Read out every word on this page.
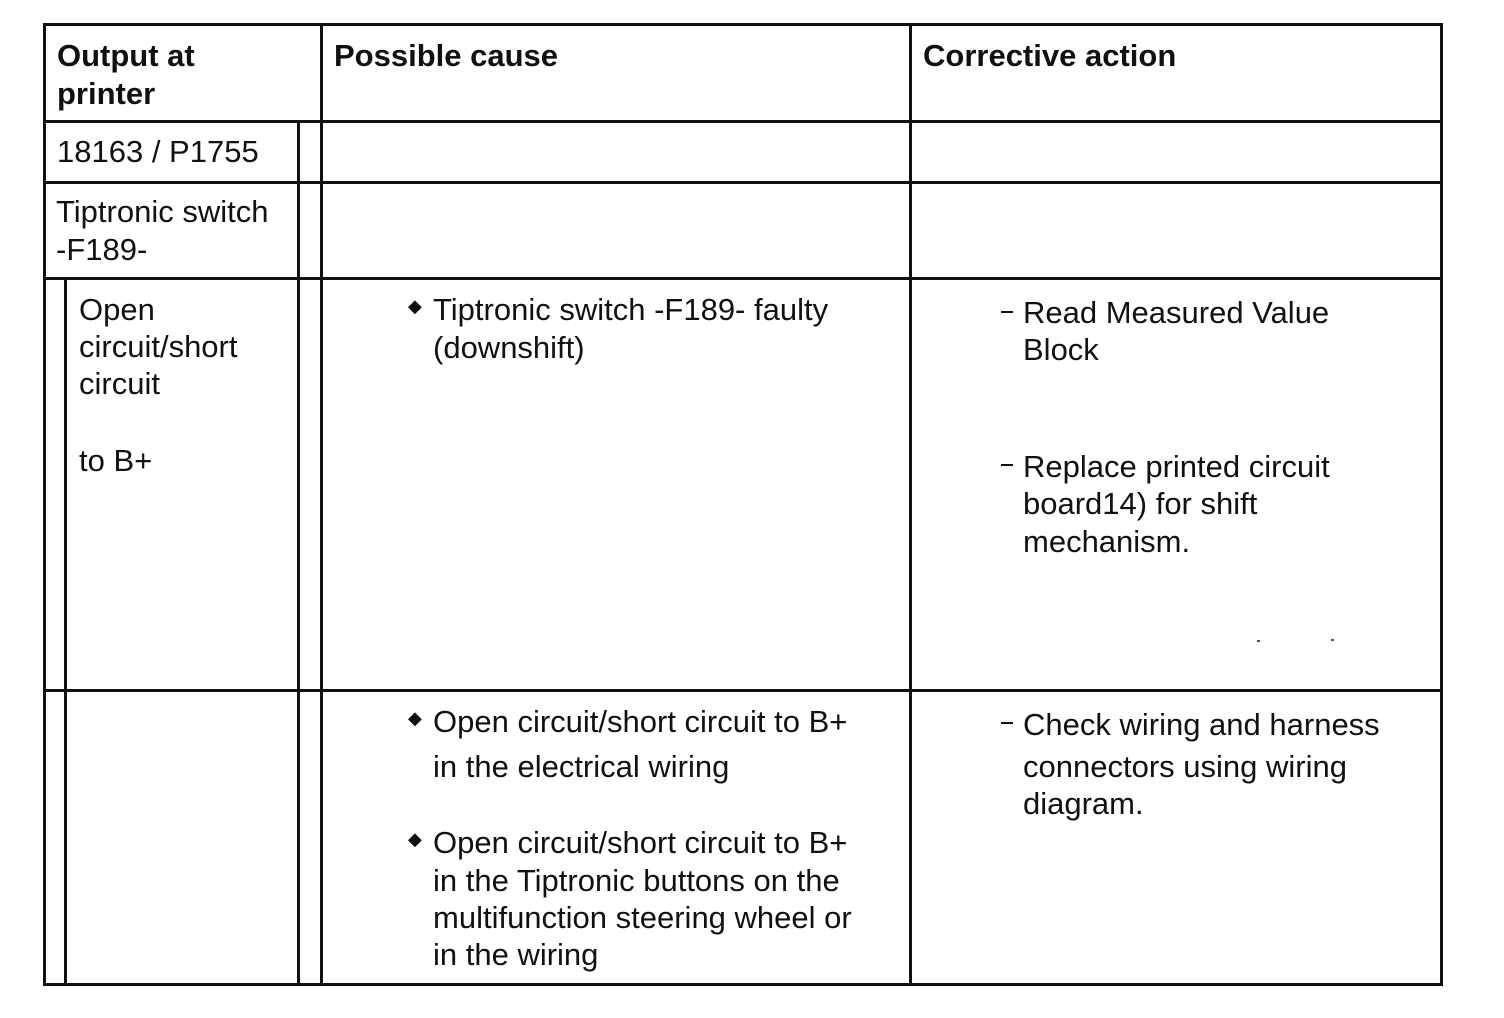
Output at
printer
Possible cause	Corrective action
18163 / P1755
Tiptronic switch
-F189-
Open
circuit/short
circuit
to B+
◆ Tiptronic switch -F189- faulty
(downshift)
Read Measured Value
Block
Replace printed circuit
board14) for shift
mechanism.
◆ Open circuit/short circuit to B+
in the electrical wiring
◆ Open circuit/short circuit to B+
in the Tiptronic buttons on the
multifunction steering wheel or
in the wiring
Check wiring and harness
connectors using wiring
diagram.
